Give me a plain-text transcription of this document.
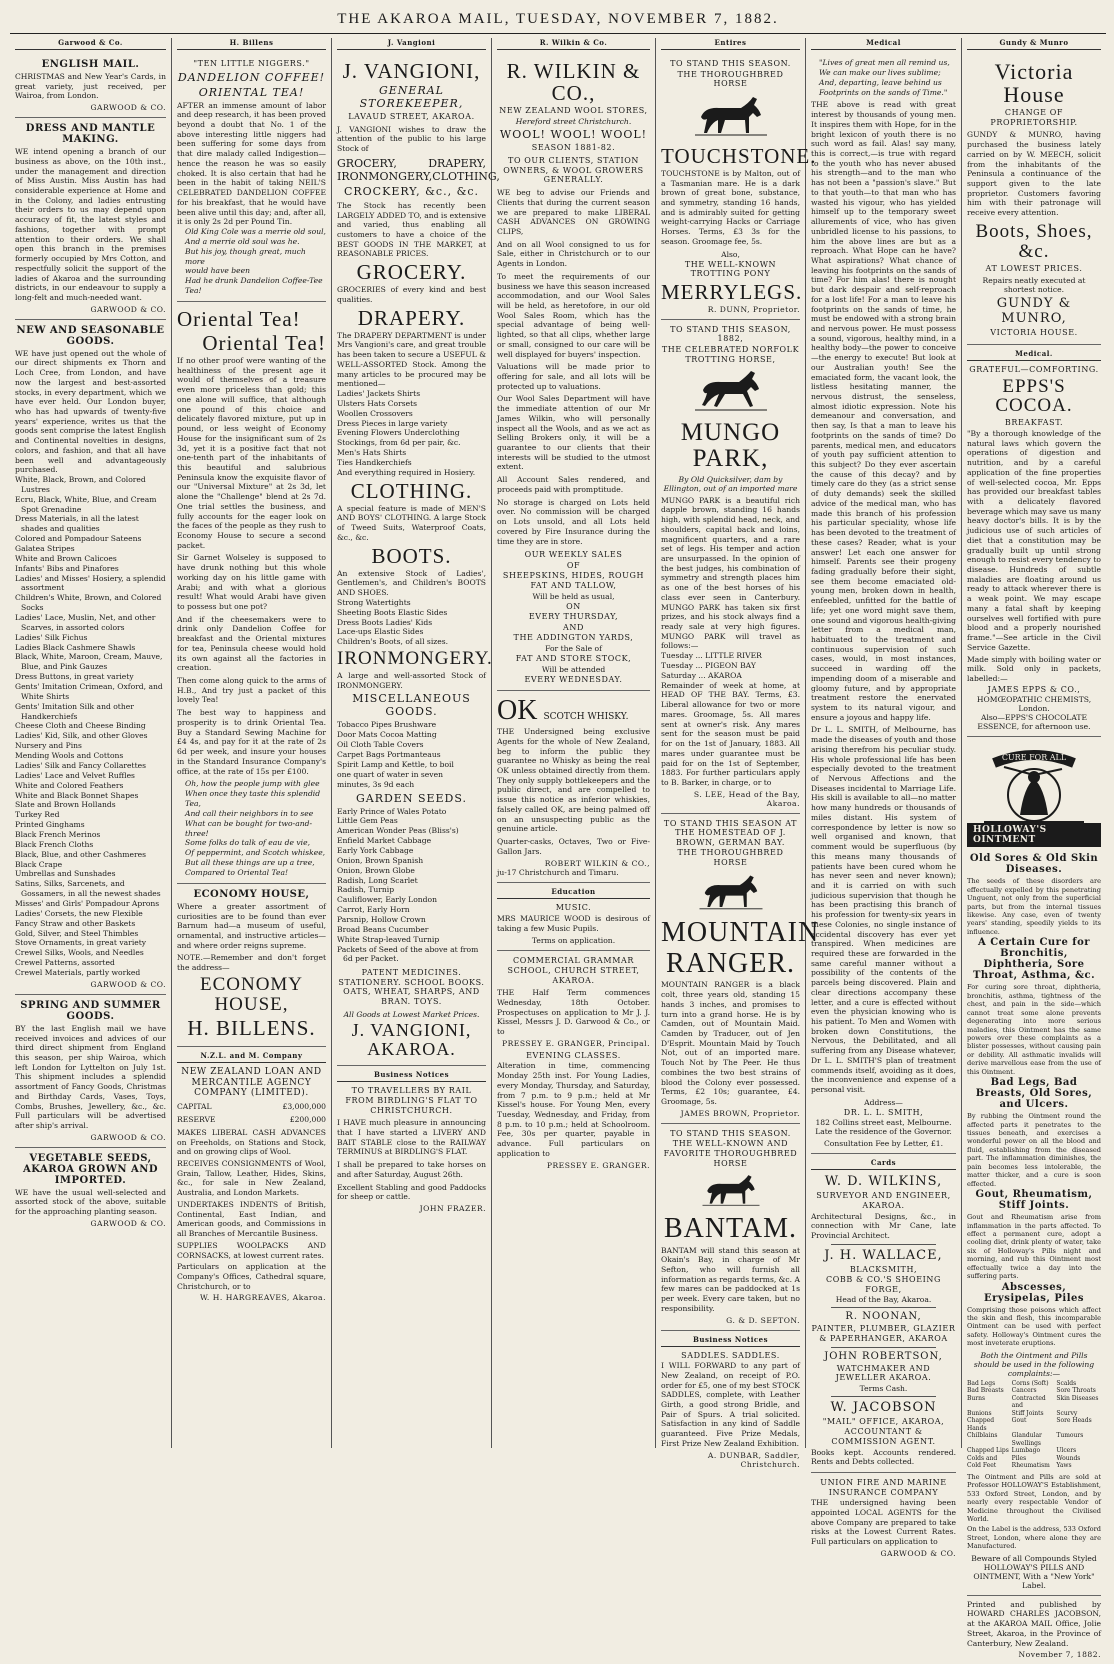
THE AKAROA MAIL, TUESDAY, NOVEMBER 7, 1882.
Garwood & Co.
ENGLISH MAIL.
CHRISTMAS and New Year's Cards, in great variety, just received, per Wairoa, from London.
GARWOOD & CO.
DRESS AND MANTLE MAKING.
WE intend opening a branch of our business as above, on the 10th inst., under the management and direction of Miss Austin. Miss Austin has had considerable experience at Home and in the Colony, and ladies entrusting their orders to us may depend upon accuracy of fit, the latest styles and fashions, together with prompt attention to their orders. We shall open this branch in the premises formerly occupied by Mrs Cotton, and respectfully solicit the support of the ladies of Akaroa and the surrounding districts, in our endeavour to supply a long-felt and much-needed want.
GARWOOD & CO.
NEW AND SEASONABLE GOODS.
WE have just opened out the whole of our direct shipments ex Thorn and Loch Cree, from London, and have now the largest and best-assorted stocks, in every department, which we have ever held. Our London buyer, who has had upwards of twenty-five years' experience, writes us that the goods sent comprise the latest English and Continental novelties in designs, colors, and fashion, and that all have been well and advantageously purchased.
White, Black, Brown, and Colored Lustres
Ecru, Black, White, Blue, and Cream Spot Grenadine
Dress Materials, in all the latest shades and qualities
Colored and Pompadour Sateens
Galatea Stripes
White and Brown Calicoes
Infants' Bibs and Pinafores
Ladies' and Misses' Hosiery, a splendid assortment
Children's White, Brown, and Colored Socks
Ladies' Lace, Muslin, Net, and other Scarves, in assorted colors
Ladies' Silk Fichus
Ladies Black Cashmere Shawls
Black, White, Maroon, Cream, Mauve, Blue, and Pink Gauzes
Dress Buttons, in great variety
Gents' Imitation Crimean, Oxford, and White Shirts
Gents' Imitation Silk and other Handkerchiefs
Cheese Cloth and Cheese Binding
Ladies' Kid, Silk, and other Gloves
Nursery and Pins
Mending Wools and Cottons
Ladies' Silk and Fancy Collarettes
Ladies' Lace and Velvet Ruffles
White and Colored Feathers
White and Black Bonnet Shapes
Slate and Brown Hollands
Turkey Red
Printed Ginghams
Black French Merinos
Black French Cloths
Black, Blue, and other Cashmeres
Black Crape
Umbrellas and Sunshades
Satins, Silks, Sarcenets, and Gossamers, in all the newest shades
Misses' and Girls' Pompadour Aprons
Ladies' Corsets, the new Flexible
Fancy Straw and other Baskets
Gold, Silver, and Steel Thimbles
Stove Ornaments, in great variety
Crewel Silks, Wools, and Needles
Crewel Patterns, assorted
Crewel Materials, partly worked
GARWOOD & CO.
SPRING AND SUMMER GOODS.
BY the last English mail we have received invoices and advices of our third direct shipment from England this season, per ship Wairoa, which left London for Lyttelton on July 1st. This shipment includes a splendid assortment of Fancy Goods, Christmas and Birthday Cards, Vases, Toys, Combs, Brushes, Jewellery, &c., &c. Full particulars will be advertised after ship's arrival.
GARWOOD & CO.
VEGETABLE SEEDS, AKAROA GROWN AND IMPORTED.
WE have the usual well-selected and assorted stock of the above, suitable for the approaching planting season.
GARWOOD & CO.
H. Billens
"TEN LITTLE NIGGERS."
DANDELION COFFEE!
ORIENTAL TEA!
AFTER an immense amount of labor and deep research, it has been proved beyond a doubt that No. 1 of the above interesting little niggers had been suffering for some days from that dire malady called Indigestion—hence the reason he was so easily choked. It is also certain that had he been in the habit of taking NEIL'S CELEBRATED DANDELION COFFEE for his breakfast, that he would have been alive until this day; and, after all, it is only 2s 2d per Pound Tin.
Old King Cole was a merrie old soul,
And a merrie old soul was he.
But his joy, though great, much more
would have been
Had he drunk Dandelion Coffee-Tee Tea!
Oriental Tea!
Oriental Tea!
If no other proof were wanting of the healthiness of the present age it would of themselves of a treasure even more priceless than gold; this one alone will suffice, that although one pound of this choice and delicately flavored mixture, put up in pound, or less weight of Economy House for the insignificant sum of 2s 3d, yet it is a positive fact that not one-tenth part of the inhabitants of this beautiful and salubrious Peninsula know the exquisite flavor of our "Universal Mixture" at 2s 3d, let alone the "Challenge" blend at 2s 7d. One trial settles the business, and fully accounts for the eager look on the faces of the people as they rush to Economy House to secure a second packet.
Sir Garnet Wolseley is supposed to have drunk nothing but this whole working day on his little game with Arabi; and with what a glorious result! What would Arabi have given to possess but one pot?
And if the cheesemakers were to drink only Dandelion Coffee for breakfast and the Oriental mixtures for tea, Peninsula cheese would hold its own against all the factories in creation.
Then come along quick to the arms of H.B., And try just a packet of this lovely Tea!
The best way to happiness and prosperity is to drink Oriental Tea. Buy a Standard Sewing Machine for £4 4s, and pay for it at the rate of 2s 6d per week, and insure your houses in the Standard Insurance Company's office, at the rate of 15s per £100.
Oh, how the people jump with glee
When once they taste this splendid Tea,
And call their neighbors in to see
What can be bought for two-and-three!
Some folks do talk of eau de vie,
Of peppermint, and Scotch whiskee,
But all these things are up a tree,
Compared to Oriental Tea!
ECONOMY HOUSE,
Where a greater assortment of curiosities are to be found than ever Barnum had—a museum of useful, ornamental, and instructive articles—and where order reigns supreme.
NOTE.—Remember and don't forget the address—
ECONOMY HOUSE,
H. BILLENS.
N.Z.L. and M. Company
NEW ZEALAND LOAN AND MERCANTILE AGENCY COMPANY (LIMITED).
CAPITAL	£3,000,000
RESERVE	£200,000
MAKES LIBERAL CASH ADVANCES on Freeholds, on Stations and Stock, and on growing clips of Wool.
RECEIVES CONSIGNMENTS of Wool, Grain, Tallow, Leather, Hides, Skins, &c., for sale in New Zealand, Australia, and London Markets.
UNDERTAKES INDENTS of British, Continental, East Indian, and American goods, and Commissions in all Branches of Mercantile Business.
SUPPLIES WOOLPACKS AND CORNSACKS, at lowest current rates.
Particulars on application at the Company's Offices, Cathedral square, Christchurch, or to
W. H. HARGREAVES, Akaroa.
J. Vangioni
J. VANGIONI,
GENERAL STOREKEEPER,
LAVAUD STREET, AKAROA.
J. VANGIONI wishes to draw the attention of the public to his large Stock of
GROCERY,	DRAPERY,
IRONMONGERY, CLOTHING,
CROCKERY, &c., &c.
The Stock has recently been LARGELY ADDED TO, and is extensive and varied, thus enabling all customers to have a choice of the BEST GOODS IN THE MARKET, at REASONABLE PRICES.
GROCERY.
GROCERIES of every kind and best qualities.
DRAPERY.
The DRAPERY DEPARTMENT is under Mrs Vangioni's care, and great trouble has been taken to secure a USEFUL & WELL-ASSORTED Stock. Among the many articles to be procured may be mentioned—
Ladies' Jackets Shirts
Ulsters Hats Corsets
Woollen Crossovers
Dress Pieces in large variety
Evening Flowers Underclothing
Stockings, from 6d per pair, &c.
Men's Hats Shirts
Ties Handkerchiefs
And everything required in Hosiery.
CLOTHING.
A special feature is made of MEN'S AND BOYS' CLOTHING. A large Stock of Tweed Suits, Waterproof Coats, &c., &c.
BOOTS.
An extensive Stock of Ladies', Gentlemen's, and Children's BOOTS AND SHOES.
Strong Watertights
Sheeting Boots Elastic Sides
Dress Boots Ladies' Kids
Lace-ups Elastic Sides
Children's Boots, of all sizes.
IRONMONGERY.
A large and well-assorted Stock of IRONMONGERY.
MISCELLANEOUS GOODS.
Tobacco Pipes Brushware
Door Mats Cocoa Matting
Oil Cloth Table Covers
Carpet Bags Portmanteaus
Spirit Lamp and Kettle, to boil
one quart of water in seven
minutes, 3s 9d each
GARDEN SEEDS.
Early Prince of Wales Potato
Little Gem Peas
American Wonder Peas (Bliss's)
Enfield Market Cabbage
Early York Cabbage
Onion, Brown Spanish
Onion, Brown Globe
Radish, Long Scarlet
Radish, Turnip
Cauliflower, Early London
Carrot, Early Horn
Parsnip, Hollow Crown
Broad Beans Cucumber
White Strap-leaved Turnip
Packets of Seed of the above at from 6d per Packet.
PATENT MEDICINES. STATIONERY. SCHOOL BOOKS. OATS, WHEAT, SHARPS, AND BRAN. TOYS.
All Goods at Lowest Market Prices.
J. VANGIONI, AKAROA.
Business Notices
TO TRAVELLERS BY RAIL FROM BIRDLING'S FLAT TO CHRISTCHURCH.
I HAVE much pleasure in announcing that I have started a LIVERY AND BAIT STABLE close to the RAILWAY TERMINUS at BIRDLING'S FLAT.
I shall be prepared to take horses on and after Saturday, August 26th.
Excellent Stabling and good Paddocks for sheep or cattle.
JOHN FRAZER.
R. Wilkin & Co.
R. WILKIN & CO.,
NEW ZEALAND WOOL STORES,
Hereford street Christchurch.
WOOL! WOOL! WOOL!
SEASON 1881-82.
TO OUR CLIENTS, STATION OWNERS, & WOOL GROWERS GENERALLY.
WE beg to advise our Friends and Clients that during the current season we are prepared to make LIBERAL CASH ADVANCES ON GROWING CLIPS,
And on all Wool consigned to us for Sale, either in Christchurch or to our Agents in London.
To meet the requirements of our business we have this season increased accommodation, and our Wool Sales will be held, as heretofore, in our old Wool Sales Room, which has the special advantage of being well-lighted, so that all clips, whether large or small, consigned to our care will be well displayed for buyers' inspection.
Valuations will be made prior to offering for sale, and all lots will be protected up to valuations.
Our Wool Sales Department will have the immediate attention of our Mr James Wilkin, who will personally inspect all the Wools, and as we act as Selling Brokers only, it will be a guarantee to our clients that their interests will be studied to the utmost extent.
All Account Sales rendered, and proceeds paid with promptitude.
No storage is charged on Lots held over. No commission will be charged on Lots unsold, and all Lots held covered by Fire Insurance during the time they are in store.
OUR WEEKLY SALES
OF
SHEEPSKINS, HIDES, ROUGH FAT AND TALLOW,
Will be held as usual,
ON
EVERY THURSDAY,
AND
THE ADDINGTON YARDS,
For the Sale of
FAT AND STORE STOCK,
Will be attended
EVERY WEDNESDAY.
OK SCOTCH WHISKY.
THE Undersigned being exclusive Agents for the whole of New Zealand, beg to inform the public they guarantee no Whisky as being the real OK unless obtained directly from them. They only supply bottlekeepers and the public direct, and are compelled to issue this notice as inferior whiskies, falsely called OK, are being palmed off on an unsuspecting public as the genuine article.
Quarter-casks, Octaves, Two or Five-Gallon Jars.
ROBERT WILKIN & CO.,
ju-17 Christchurch and Timaru.
Education
MUSIC.
MRS MAURICE WOOD is desirous of taking a few Music Pupils.
Terms on application.
COMMERCIAL GRAMMAR SCHOOL, CHURCH STREET, AKAROA.
THE Half Term commences Wednesday, 18th October. Prospectuses on application to Mr J. J. Kissel, Messrs J. D. Garwood & Co., or to
PRESSEY E. GRANGER, Principal.
EVENING CLASSES.
Alteration in time, commencing Monday 25th inst. For Young Ladies, every Monday, Thursday, and Saturday, from 7 p.m. to 9 p.m.; held at Mr Kissel's house. For Young Men, every Tuesday, Wednesday, and Friday, from 8 p.m. to 10 p.m.; held at Schoolroom. Fee, 30s per quarter, payable in advance. Full particulars on application to
PRESSEY E. GRANGER.
Entires
TO STAND THIS SEASON.
THE THOROUGHBRED HORSE
TOUCHSTONE.
TOUCHSTONE is by Malton, out of a Tasmanian mare. He is a dark brown of great bone, substance, and symmetry, standing 16 hands, and is admirably suited for getting weight-carrying Hacks or Carriage Horses. Terms, £3 3s for the season. Groomage fee, 5s.
Also,
THE WELL-KNOWN TROTTING PONY
MERRYLEGS.
R. DUNN, Proprietor.
TO STAND THIS SEASON, 1882,
THE CELEBRATED NORFOLK TROTTING HORSE,
MUNGO PARK,
By Old Quicksilver, dam by Ellington, out of an imported mare
MUNGO PARK is a beautiful rich dapple brown, standing 16 hands high, with splendid head, neck, and shoulders, capital back and loins, magnificent quarters, and a rare set of legs. His temper and action are unsurpassed. In the opinion of the best judges, his combination of symmetry and strength places him as one of the best horses of his class ever seen in Canterbury. MUNGO PARK has taken six first prizes, and his stock always find a ready sale at very high figures. MUNGO PARK will travel as follows:—
Tuesday ... LITTLE RIVER
Tuesday ... PIGEON BAY
Saturday ... AKAROA
Remainder of week at home, at HEAD OF THE BAY. Terms, £3. Liberal allowance for two or more mares. Groomage, 5s. All mares sent at owner's risk. Any mares sent for the season must be paid for on the 1st of January, 1883. All mares under guarantee must be paid for on the 1st of September, 1883. For further particulars apply to B. Barker, in charge, or to
S. LEE, Head of the Bay, Akaroa.
TO STAND THIS SEASON AT THE HOMESTEAD OF J. BROWN, GERMAN BAY.
THE THOROUGHBRED HORSE
MOUNTAIN
RANGER.
MOUNTAIN RANGER is a black colt, three years old, standing 15 hands 3 inches, and promises to turn into a grand horse. He is by Camden, out of Mountain Maid. Camden by Traducer, out of Jen D'Esprit. Mountain Maid by Touch Not, out of an imported mare. Touch Not by The Peer. He thus combines the two best strains of blood the Colony ever possessed. Terms, £2 10s; guarantee, £4. Groomage, 5s.
JAMES BROWN, Proprietor.
TO STAND THIS SEASON.
THE WELL-KNOWN AND FAVORITE THOROUGHBRED HORSE
BANTAM.
BANTAM will stand this season at Okain's Bay, in charge of Mr Sefton, who will furnish all information as regards terms, &c. A few mares can be paddocked at 1s per week. Every care taken, but no responsibility.
G. & D. SEFTON.
Business Notices
SADDLES. SADDLES.
I WILL FORWARD to any part of New Zealand, on receipt of P.O. order for £5, one of my best STOCK SADDLES, complete, with Leather Girth, a good strong Bridle, and Pair of Spurs. A trial solicited. Satisfaction in any kind of Saddle guaranteed. Five Prize Medals, First Prize New Zealand Exhibition.
A. DUNBAR, Saddler, Christchurch.
Medical
"Lives of great men all remind us,
We can make our lives sublime;
And, departing, leave behind us
Footprints on the sands of Time."
THE above is read with great interest by thousands of young men. It inspires them with Hope, for in the bright lexicon of youth there is no such word as fail. Alas! say many, this is correct,—is true with regard to the youth who has never abused his strength—and to the man who has not been a "passion's slave." But to that youth—to that man who has wasted his vigour, who has yielded himself up to the temporary sweet allurements of vice, who has given unbridled license to his passions, to him the above lines are but as a reproach. What Hope can he have? What aspirations? What chance of leaving his footprints on the sands of time? For him alas! there is nought but dark despair and self-reproach for a lost life! For a man to leave his footprints on the sands of time, he must be endowed with a strong brain and nervous power. He must possess a sound, vigorous, healthy mind, in a healthy body—the power to conceive—the energy to execute! But look at our Australian youth! See the emaciated form, the vacant look, the listless hesitating manner, the nervous distrust, the senseless, almost idiotic expression. Note his demeanour and conversation, and then say, Is that a man to leave his footprints on the sands of time? Do parents, medical men, and educators of youth pay sufficient attention to this subject? Do they ever ascertain the cause of this decay? and by timely care do they (as a strict sense of duty demands) seek the skilled advice of the medical man, who has made this branch of his profession his particular speciality, whose life has been devoted to the treatment of these cases? Reader, what is your answer! Let each one answer for himself. Parents see their progeny fading gradually before their sight, see them become emaciated old-young men, broken down in health, enfeebled, unfitted for the battle of life; yet one word might save them, one sound and vigorous health-giving letter from a medical man, habituated to the treatment and continuous supervision of such cases, would, in most instances, succeed in warding off the impending doom of a miserable and gloomy future, and by appropriate treatment restore the enervated system to its natural vigour, and ensure a joyous and happy life.
Dr L. L. SMITH, of Melbourne, has made the diseases of youth and those arising therefrom his peculiar study. His whole professional life has been especially devoted to the treatment of Nervous Affections and the Diseases incidental to Marriage Life. His skill is available to all—no matter how many hundreds or thousands of miles distant. His system of correspondence by letter is now so well organised and known, that comment would be superfluous (by this means many thousands of patients have been cured whom he has never seen and never known); and it is carried on with such judicious supervision that though he has been practising this branch of his profession for twenty-six years in these Colonies, no single instance of accidental discovery has ever yet transpired. When medicines are required these are forwarded in the same careful manner without a possibility of the contents of the parcels being discovered. Plain and clear directions accompany these letter, and a cure is effected without even the physician knowing who is his patient. To Men and Women with broken down Constitutions, the Nervous, the Debilitated, and all suffering from any Disease whatever, Dr L. L. SMITH'S plan of treatment commends itself, avoiding as it does, the inconvenience and expense of a personal visit.
Address—
DR. L. L. SMITH,
182 Collins street east, Melbourne.
Late the residence of the Governor.
Consultation Fee by Letter, £1.
Cards
W. D. WILKINS,
SURVEYOR AND ENGINEER, AKAROA.
Architectural Designs, &c., in connection with Mr Cane, late Provincial Architect.
J. H. WALLACE,
BLACKSMITH,
COBB & CO.'S SHOEING FORGE,
Head of the Bay, Akaroa.
R. NOONAN,
PAINTER, PLUMBER, GLAZIER & PAPERHANGER, AKAROA
JOHN ROBERTSON,
WATCHMAKER AND JEWELLER AKAROA.
Terms Cash.
W. JACOBSON
"MAIL" OFFICE, AKAROA,
ACCOUNTANT & COMMISSION AGENT.
Books kept. Accounts rendered. Rents and Debts collected.
UNION FIRE AND MARINE INSURANCE COMPANY
THE undersigned having been appointed LOCAL AGENTS for the above Company are prepared to take risks at the Lowest Current Rates. Full particulars on application to
GARWOOD & CO.
Gundy & Munro
Victoria House
CHANGE OF PROPRIETORSHIP.
GUNDY & MUNRO, having purchased the business lately carried on by W. MEECH, solicit from the inhabitants of the Peninsula a continuance of the support given to the late proprietor. Customers favoring him with their patronage will receive every attention.
Boots, Shoes, &c.
AT LOWEST PRICES.
Repairs neatly executed at shortest notice.
GUNDY & MUNRO,
VICTORIA HOUSE.
Medical.
GRATEFUL—COMFORTING.
EPPS'S COCOA.
BREAKFAST.
"By a thorough knowledge of the natural laws which govern the operations of digestion and nutrition, and by a careful application of the fine properties of well-selected cocoa, Mr. Epps has provided our breakfast tables with a delicately flavored beverage which may save us many heavy doctor's bills. It is by the judicious use of such articles of diet that a constitution may be gradually built up until strong enough to resist every tendency to disease. Hundreds of subtle maladies are floating around us ready to attack wherever there is a weak point. We may escape many a fatal shaft by keeping ourselves well fortified with pure blood and a properly nourished frame."—See article in the Civil Service Gazette.
Made simply with boiling water or milk. Sold only in packets, labelled:—
JAMES EPPS & CO.,
HOMŒOPATHIC CHEMISTS, London.
Also—EPPS'S CHOCOLATE ESSENCE, for afternoon use.
CURE FOR ALL
HOLLOWAY'S OINTMENT
Old Sores & Old Skin Diseases.
The seeds of these disorders are effectually expelled by this penetrating Unguent, not only from the superficial parts, but from the internal tissues likewise. Any case, even of twenty years' standing, speedily yields to its influence.
A Certain Cure for Bronchitis, Diphtheria, Sore Throat, Asthma, &c.
For curing sore throat, diphtheria, bronchitis, asthma, tightness of the chest, and pain in the side—which cannot treat some alone prevents degenerating into more serious maladies, this Ointment has the same powers over these complaints as a blister possesses, without causing pain or debility. All asthmatic invalids will derive marvellous ease from the use of this Ointment.
Bad Legs, Bad Breasts, Old Sores, and Ulcers.
By rubbing the Ointment round the affected parts it penetrates to the tissues beneath, and exercises a wonderful power on all the blood and fluid, establishing from the diseased part. The inflammation diminishes, the pain becomes less intolerable, the matter thicker, and a cure is soon effected.
Gout, Rheumatism, Stiff Joints.
Gout and Rheumatism arise from inflammation in the parts affected. To effect a permanent cure, adopt a cooling diet, drink plenty of water, take six of Holloway's Pills night and morning, and rub this Ointment most effectually twice a day into the suffering parts.
Abscesses, Erysipelas, Piles
Comprising those poisons which affect the skin and flesh, this incomparable Ointment can be used with perfect safety. Holloway's Ointment cures the most inveterate eruptions.
Both the Ointment and Pills should be used in the following complaints:—
Bad Legs	Corns (Soft)	Scalds
Bad Breasts	Cancers	Sore Throats
Burns	Contracted and
Skin Diseases
Bunions	Stiff Joints	Scurvy
Chapped Hands
Gout	Sore Heads
Chilblains	Glandular Swellings
Tumours
Chapped Lips Lumbago	Ulcers
Colds and	Piles	Wounds
Cold Feet	Rheumatism	Yaws
The Ointment and Pills are sold at Professor HOLLOWAY'S Establishment, 533 Oxford Street, London, and by nearly every respectable Vendor of Medicine throughout the Civilised World.
On the Label is the address, 533 Oxford Street, London, where alone they are Manufactured.
Beware of all Compounds Styled HOLLOWAY'S PILLS AND OINTMENT, With a "New York" Label.
Printed and published by HOWARD CHARLES JACOBSON, at the AKAROA MAIL Office, Jolie Street, Akaroa, in the Province of Canterbury, New Zealand.
November 7, 1882.
